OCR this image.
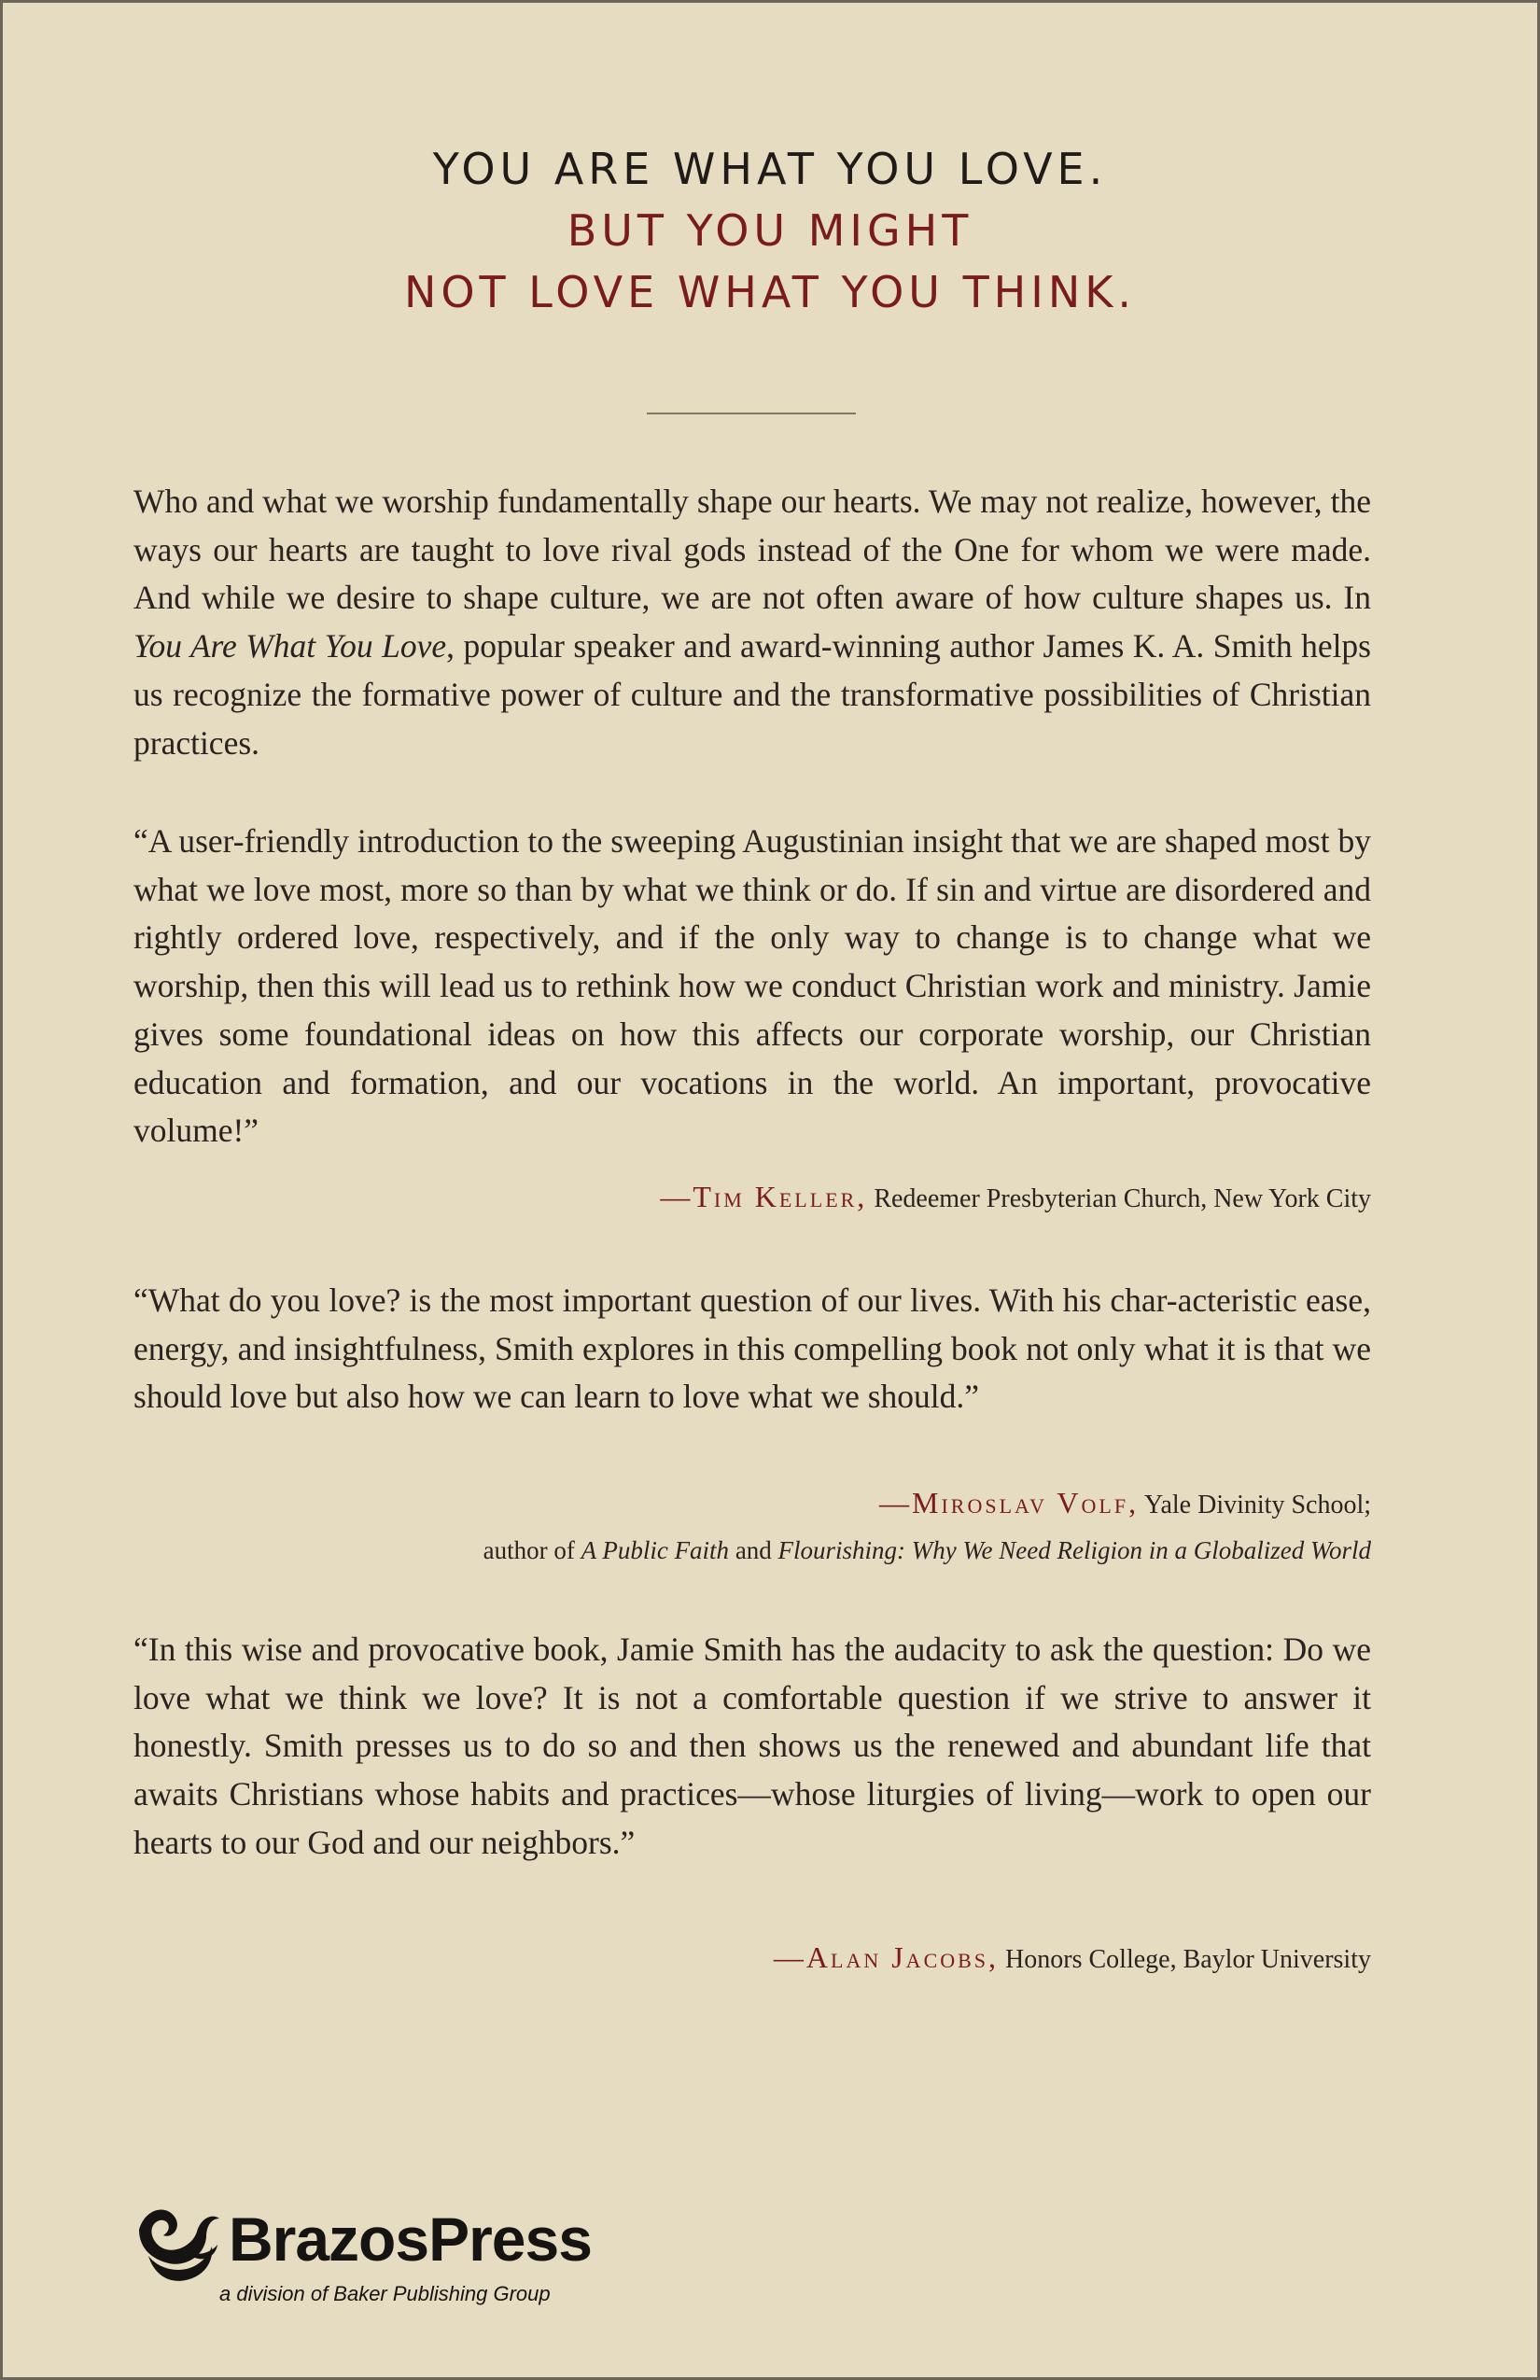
YOU ARE WHAT YOU LOVE.
BUT YOU MIGHT
NOT LOVE WHAT YOU THINK.
Who and what we worship fundamentally shape our hearts. We may not realize, however, the ways our hearts are taught to love rival gods instead of the One for whom we were made. And while we desire to shape culture, we are not often aware of how culture shapes us. In You Are What You Love, popular speaker and award-winning author James K. A. Smith helps us recognize the formative power of culture and the transformative possibilities of Christian practices.
“A user-friendly introduction to the sweeping Augustinian insight that we are shaped most by what we love most, more so than by what we think or do. If sin and virtue are disordered and rightly ordered love, respectively, and if the only way to change is to change what we worship, then this will lead us to rethink how we conduct Christian work and ministry. Jamie gives some foundational ideas on how this affects our corporate worship, our Christian education and formation, and our vocations in the world. An important, provocative volume!”
—Tim Keller, Redeemer Presbyterian Church, New York City
“What do you love? is the most important question of our lives. With his char-acteristic ease, energy, and insightfulness, Smith explores in this compelling book not only what it is that we should love but also how we can learn to love what we should.”
—Miroslav Volf, Yale Divinity School;
author of A Public Faith and Flourishing: Why We Need Religion in a Globalized World
“In this wise and provocative book, Jamie Smith has the audacity to ask the question: Do we love what we think we love? It is not a comfortable question if we strive to answer it honestly. Smith presses us to do so and then shows us the renewed and abundant life that awaits Christians whose habits and practices—whose liturgies of living—work to open our hearts to our God and our neighbors.”
—Alan Jacobs, Honors College, Baylor University
BrazosPress
a division of Baker Publishing Group
